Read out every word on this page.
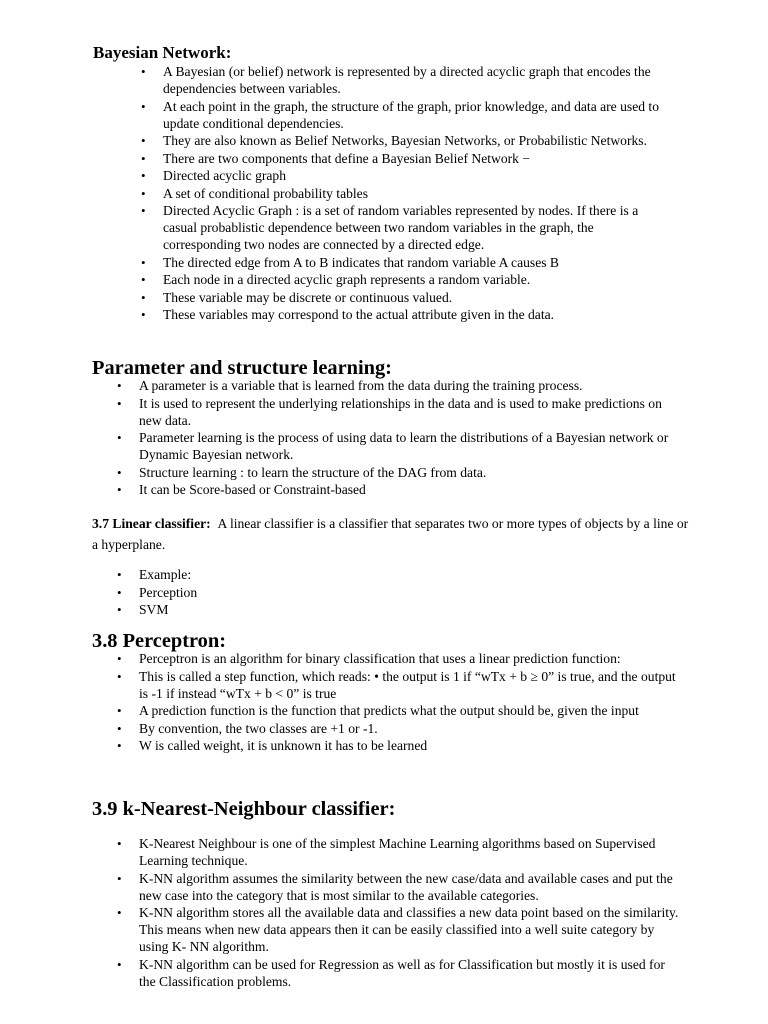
Bayesian Network:
• A Bayesian (or belief) network is represented by a directed acyclic graph that encodes the dependencies between variables.
• At each point in the graph, the structure of the graph, prior knowledge, and data are used to update conditional dependencies.
• They are also known as Belief Networks, Bayesian Networks, or Probabilistic Networks.
• There are two components that define a Bayesian Belief Network −
• Directed acyclic graph
• A set of conditional probability tables
• Directed Acyclic Graph : is a set of random variables represented by nodes. If there is a casual probablistic dependence between two random variables in the graph, the corresponding two nodes are connected by a directed edge.
• The directed edge from A to B indicates that random variable A causes B
• Each node in a directed acyclic graph represents a random variable.
• These variable may be discrete or continuous valued.
• These variables may correspond to the actual attribute given in the data.
Parameter and structure learning:
• A parameter is a variable that is learned from the data during the training process.
• It is used to represent the underlying relationships in the data and is used to make predictions on new data.
• Parameter learning is the process of using data to learn the distributions of a Bayesian network or Dynamic Bayesian network.
• Structure learning : to learn the structure of the DAG from data.
• It can be Score-based or Constraint-based

3.7 Linear classifier: A linear classifier is a classifier that separates two or more types of objects by a line or a hyperplane.

• Example:
• Perception
• SVM
3.8 Perceptron:
• Perceptron is an algorithm for binary classification that uses a linear prediction function:
• This is called a step function, which reads: • the output is 1 if “wTx + b ≥ 0” is true, and the output is -1 if instead “wTx + b < 0” is true
• A prediction function is the function that predicts what the output should be, given the input
• By convention, the two classes are +1 or -1.
• W is called weight, it is unknown it has to be learned
3.9 k-Nearest-Neighbour classifier:
• K-Nearest Neighbour is one of the simplest Machine Learning algorithms based on Supervised Learning technique.
• K-NN algorithm assumes the similarity between the new case/data and available cases and put the new case into the category that is most similar to the available categories.
• K-NN algorithm stores all the available data and classifies a new data point based on the similarity. This means when new data appears then it can be easily classified into a well suite category by using K- NN algorithm.
• K-NN algorithm can be used for Regression as well as for Classification but mostly it is used for the Classification problems.
